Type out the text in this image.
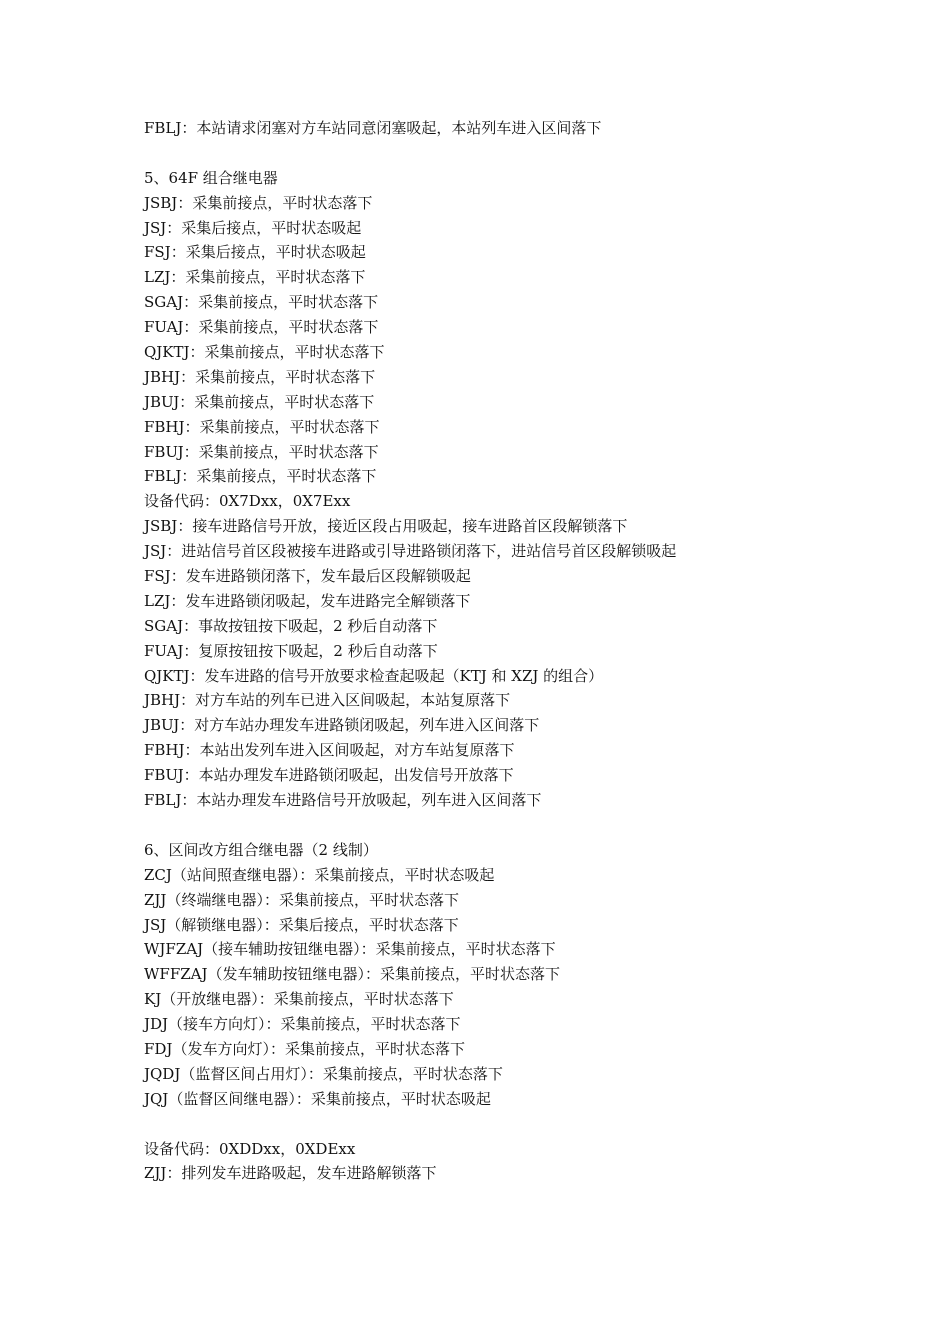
FBLJ：本站请求闭塞对方车站同意闭塞吸起，本站列车进入区间落下
5、64F 组合继电器
JSBJ：采集前接点，平时状态落下
JSJ：采集后接点，平时状态吸起
FSJ：采集后接点，平时状态吸起
LZJ：采集前接点，平时状态落下
SGAJ：采集前接点，平时状态落下
FUAJ：采集前接点，平时状态落下
QJKTJ：采集前接点，平时状态落下
JBHJ：采集前接点，平时状态落下
JBUJ：采集前接点，平时状态落下
FBHJ：采集前接点，平时状态落下
FBUJ：采集前接点，平时状态落下
FBLJ：采集前接点，平时状态落下
设备代码：0X7Dxx，0X7Exx
JSBJ：接车进路信号开放，接近区段占用吸起，接车进路首区段解锁落下
JSJ：进站信号首区段被接车进路或引导进路锁闭落下，进站信号首区段解锁吸起
FSJ：发车进路锁闭落下，发车最后区段解锁吸起
LZJ：发车进路锁闭吸起，发车进路完全解锁落下
SGAJ：事故按钮按下吸起，2 秒后自动落下
FUAJ：复原按钮按下吸起，2 秒后自动落下
QJKTJ：发车进路的信号开放要求检查起吸起（KTJ 和 XZJ 的组合）
JBHJ：对方车站的列车已进入区间吸起，本站复原落下
JBUJ：对方车站办理发车进路锁闭吸起，列车进入区间落下
FBHJ：本站出发列车进入区间吸起，对方车站复原落下
FBUJ：本站办理发车进路锁闭吸起，出发信号开放落下
FBLJ：本站办理发车进路信号开放吸起，列车进入区间落下
6、区间改方组合继电器（2 线制）
ZCJ（站间照查继电器）：采集前接点，平时状态吸起
ZJJ（终端继电器）：采集前接点，平时状态落下
JSJ（解锁继电器）：采集后接点，平时状态落下
WJFZAJ（接车辅助按钮继电器）：采集前接点，平时状态落下
WFFZAJ（发车辅助按钮继电器）：采集前接点，平时状态落下
KJ（开放继电器）：采集前接点，平时状态落下
JDJ（接车方向灯）：采集前接点，平时状态落下
FDJ（发车方向灯）：采集前接点，平时状态落下
JQDJ（监督区间占用灯）：采集前接点，平时状态落下
JQJ（监督区间继电器）：采集前接点，平时状态吸起
设备代码：0XDDxx，0XDExx
ZJJ：排列发车进路吸起，发车进路解锁落下
